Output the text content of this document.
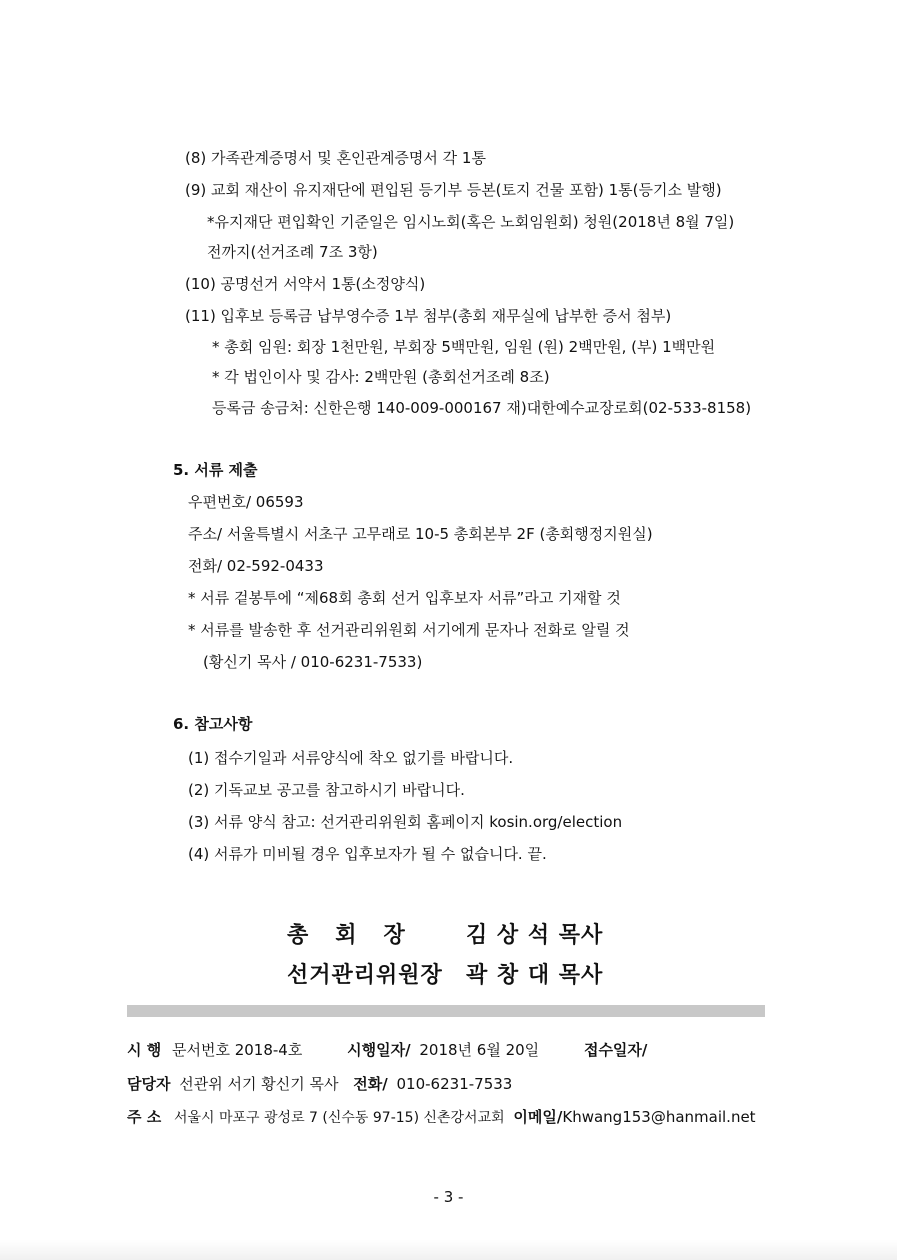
(8) 가족관계증명서 및 혼인관계증명서 각 1통
(9) 교회 재산이 유지재단에 편입된 등기부 등본(토지 건물 포함) 1통(등기소 발행)
*유지재단 편입확인 기준일은 임시노회(혹은 노회임원회) 청원(2018년 8월 7일)
전까지(선거조례 7조 3항)
(10) 공명선거 서약서 1통(소정양식)
(11) 입후보 등록금 납부영수증 1부 첨부(총회 재무실에 납부한 증서 첨부)
* 총회 임원: 회장 1천만원, 부회장 5백만원, 임원 (원) 2백만원, (부) 1백만원
* 각 법인이사 및 감사: 2백만원 (총회선거조례 8조)
등록금 송금처: 신한은행 140-009-000167 재)대한예수교장로회(02-533-8158)
5. 서류 제출
우편번호/ 06593
주소/ 서울특별시 서초구 고무래로 10-5 총회본부 2F (총회행정지원실)
전화/ 02-592-0433
* 서류 겉봉투에 “제68회 총회 선거 입후보자 서류”라고 기재할 것
* 서류를 발송한 후 선거관리위원회 서기에게 문자나 전화로 알릴 것
(황신기 목사 / 010-6231-7533)
6. 참고사항
(1) 접수기일과 서류양식에 착오 없기를 바랍니다.
(2) 기독교보 공고를 참고하시기 바랍니다.
(3) 서류 양식 참고: 선거관리위원회 홈페이지 kosin.org/election
(4) 서류가 미비될 경우 입후보자가 될 수 없습니다. 끝.
총   회   장	김 상 석 목사
선거관리위원장 곽 창 대 목사
시 행 문서번호 2018-4호	시행일자/ 2018년 6월 20일	접수일자/
담당자 선관위 서기 황신기 목사 전화/ 010-6231-7533
주 소 서울시 마포구 광성로 7 (신수동 97-15) 신촌강서교회 이메일/Khwang153@hanmail.net
- 3 -
